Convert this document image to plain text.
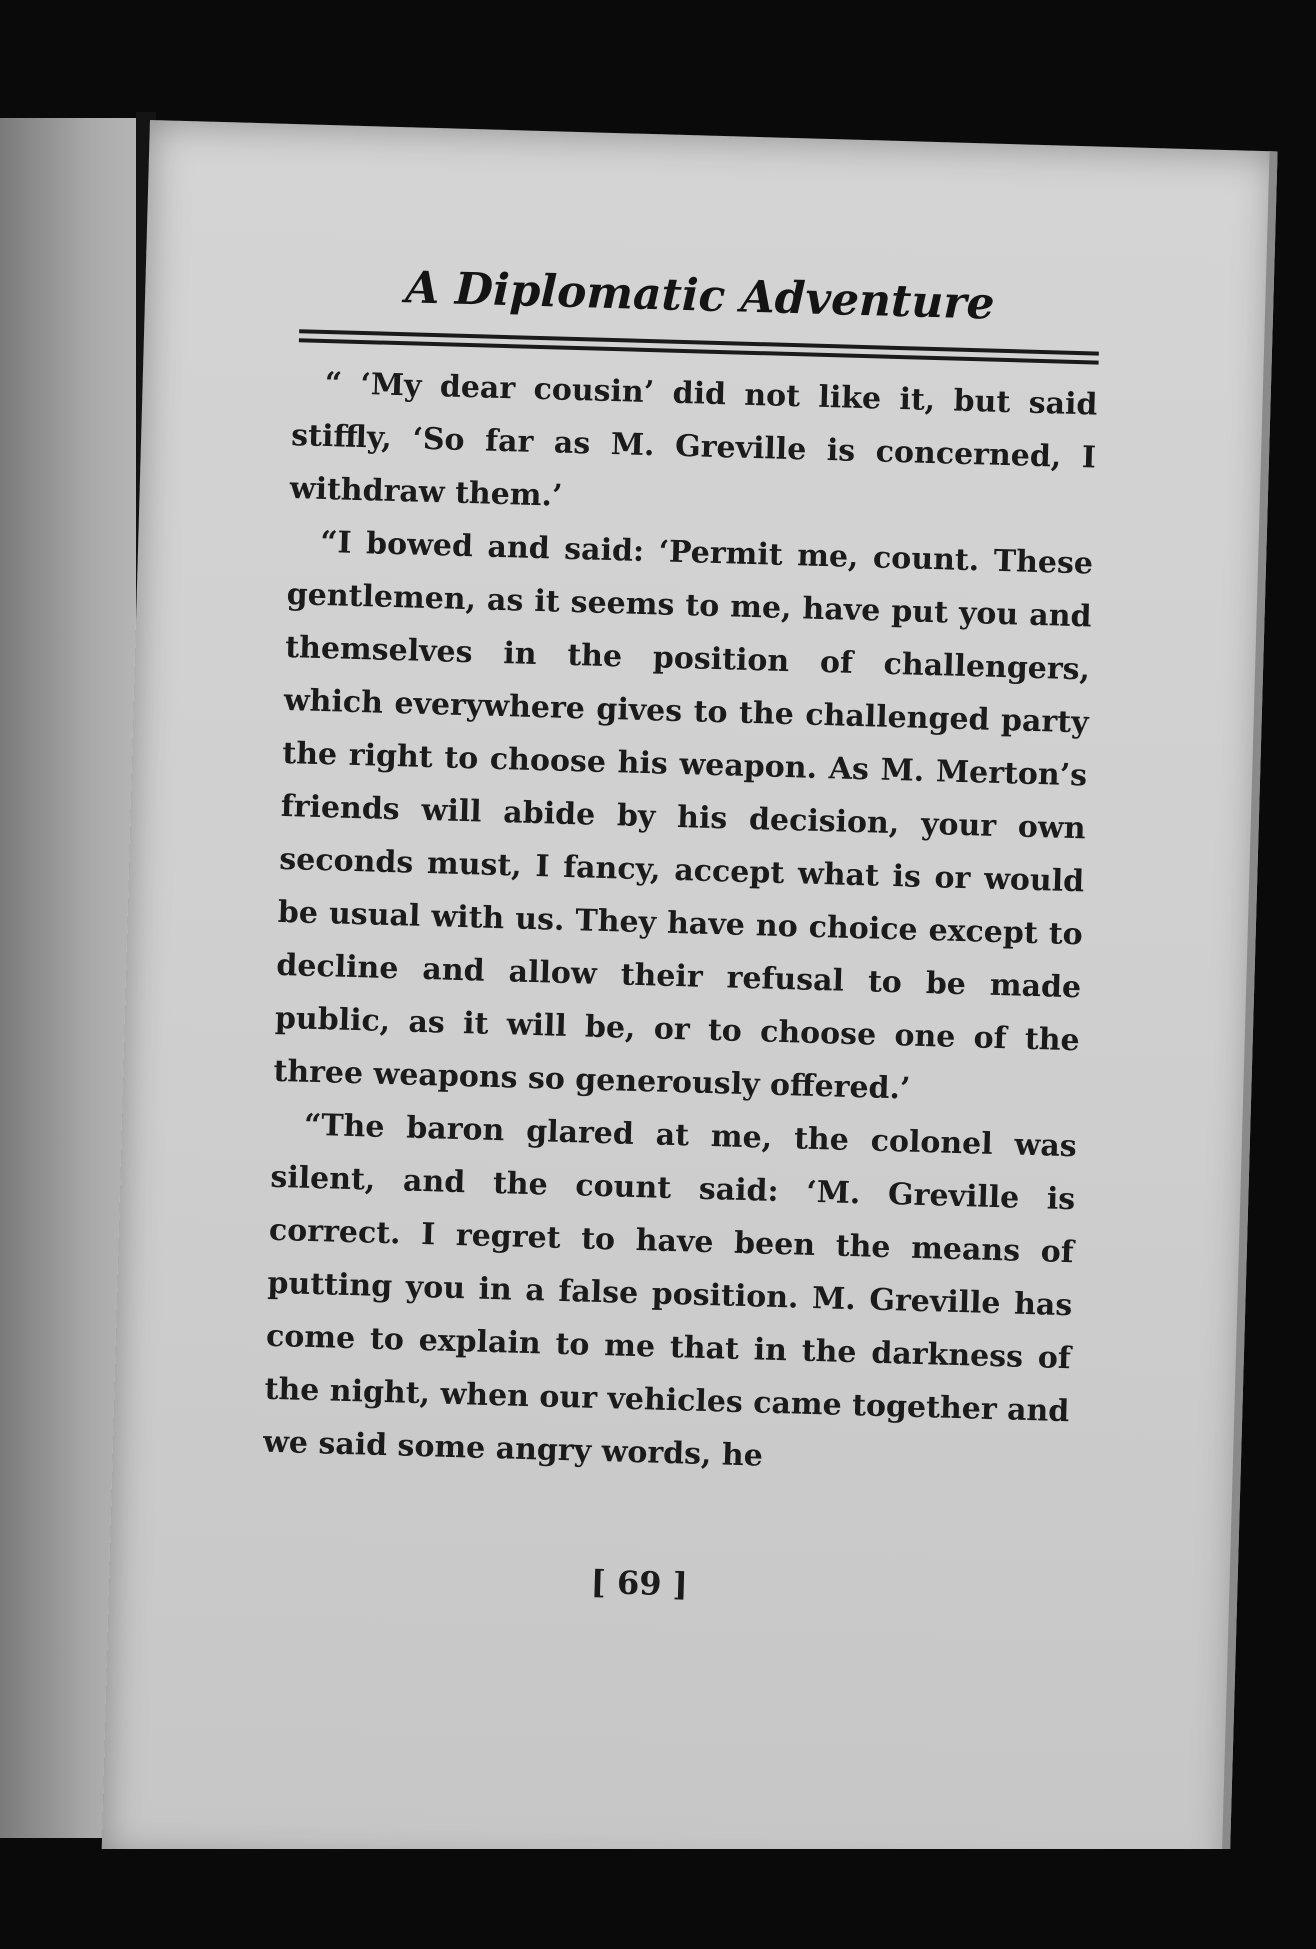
A Diplomatic Adventure

“ ‘My dear cousin’ did not like it, but said stiffly, ‘So far as M. Greville is concerned, I withdraw them.’

“I bowed and said: ‘Permit me, count. These gentlemen, as it seems to me, have put you and themselves in the position of challengers, which everywhere gives to the challenged party the right to choose his weapon. As M. Merton’s friends will abide by his decision, your own seconds must, I fancy, accept what is or would be usual with us. They have no choice except to decline and allow their refusal to be made public, as it will be, or to choose one of the three weapons so generously offered.’

“The baron glared at me, the colonel was silent, and the count said: ‘M. Greville is correct. I regret to have been the means of putting you in a false position. M. Greville has come to explain to me that in the darkness of the night, when our vehicles came together and we said some angry words, he

[ 69 ]
